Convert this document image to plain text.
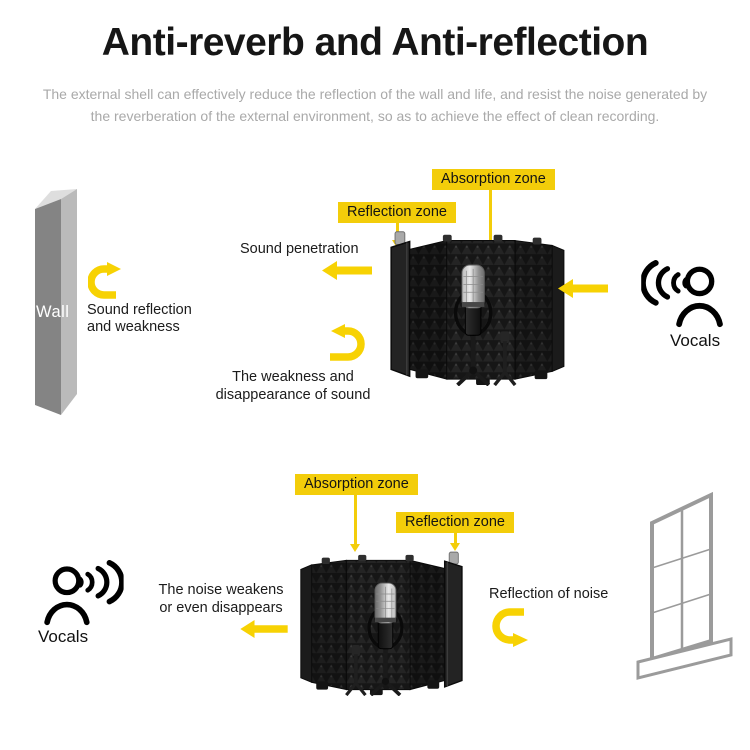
Anti-reverb and Anti-reflection
The external shell can effectively reduce the reflection of the wall and life, and resist the noise generated by
the reverberation of the external environment, so as to achieve the effect of clean recording.
Wall Sound reflection
and weakness
Sound penetration
The weakness and
disappearance of sound
Absorption zone
Reflection zone
Vocals
Absorption zone
Reflection zone
Vocals
The noise weakens
or even disappears
Reflection of noise
